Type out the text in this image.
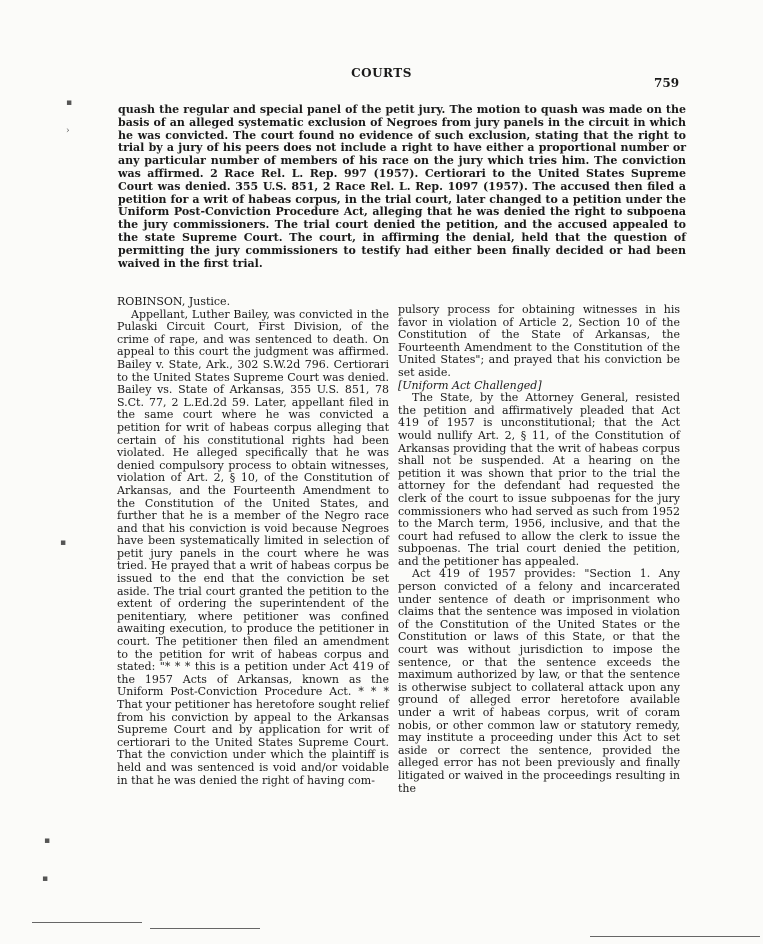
COURTS
759

quash the regular and special panel of the petit jury. The motion to quash was made on the basis of an alleged systematic exclusion of Negroes from jury panels in the circuit in which he was convicted. The court found no evidence of such exclusion, stating that the right to trial by a jury of his peers does not include a right to have either a proportional number or any particular number of members of his race on the jury which tries him. The conviction was affirmed. 2 Race Rel. L. Rep. 997 (1957). Certiorari to the United States Supreme Court was denied. 355 U.S. 851, 2 Race Rel. L. Rep. 1097 (1957). The accused then filed a petition for a writ of habeas corpus, in the trial court, later changed to a petition under the Uniform Post-Conviction Procedure Act, alleging that he was denied the right to subpoena the jury commissioners. The trial court denied the petition, and the accused appealed to the state Supreme Court. The court, in affirming the denial, held that the question of permitting the jury commissioners to testify had either been finally decided or had been waived in the first trial.

ROBINSON, Justice.

Appellant, Luther Bailey, was convicted in the Pulaski Circuit Court, First Division, of the crime of rape, and was sentenced to death. On appeal to this court the judgment was affirmed. Bailey v. State, Ark., 302 S.W.2d 796. Certiorari to the United States Supreme Court was denied. Bailey vs. State of Arkansas, 355 U.S. 851, 78 S.Ct. 77, 2 L.Ed.2d 59. Later, appellant filed in the same court where he was convicted a petition for writ of habeas corpus alleging that certain of his constitutional rights had been violated. He alleged specifically that he was denied compulsory process to obtain witnesses, violation of Art. 2, § 10, of the Constitution of Arkansas, and the Fourteenth Amendment to the Constitution of the United States, and further that he is a member of the Negro race and that his conviction is void because Negroes have been systematically limited in selection of petit jury panels in the court where he was tried. He prayed that a writ of habeas corpus be issued to the end that the conviction be set aside. The trial court granted the petition to the extent of ordering the superintendent of the penitentiary, where petitioner was confined awaiting execution, to produce the petitioner in court. The petitioner then filed an amendment to the petition for writ of habeas corpus and stated: "* * * this is a petition under Act 419 of the 1957 Acts of Arkansas, known as the Uniform Post-Conviction Procedure Act. * * * That your petitioner has heretofore sought relief from his conviction by appeal to the Arkansas Supreme Court and by application for writ of certiorari to the United States Supreme Court. That the conviction under which the plaintiff is held and was sentenced is void and/or voidable in that he was denied the right of having com-

pulsory process for obtaining witnesses in his favor in violation of Article 2, Section 10 of the Constitution of the State of Arkansas, the Fourteenth Amendment to the Constitution of the United States"; and prayed that his conviction be set aside.

[Uniform Act Challenged]

The State, by the Attorney General, resisted the petition and affirmatively pleaded that Act 419 of 1957 is unconstitutional; that the Act would nullify Art. 2, § 11, of the Constitution of Arkansas providing that the writ of habeas corpus shall not be suspended. At a hearing on the petition it was shown that prior to the trial the attorney for the defendant had requested the clerk of the court to issue subpoenas for the jury commissioners who had served as such from 1952 to the March term, 1956, inclusive, and that the court had refused to allow the clerk to issue the subpoenas. The trial court denied the petition, and the petitioner has appealed.

Act 419 of 1957 provides: "Section 1. Any person convicted of a felony and incarcerated under sentence of death or imprisonment who claims that the sentence was imposed in violation of the Constitution of the United States or the Constitution or laws of this State, or that the court was without jurisdiction to impose the sentence, or that the sentence exceeds the maximum authorized by law, or that the sentence is otherwise subject to collateral attack upon any ground of alleged error heretofore available under a writ of habeas corpus, writ of coram nobis, or other common law or statutory remedy, may institute a proceeding under this Act to set aside or correct the sentence, provided the alleged error has not been previously and finally litigated or waived in the proceedings resulting in the

▪
›
▪
▪
▪
